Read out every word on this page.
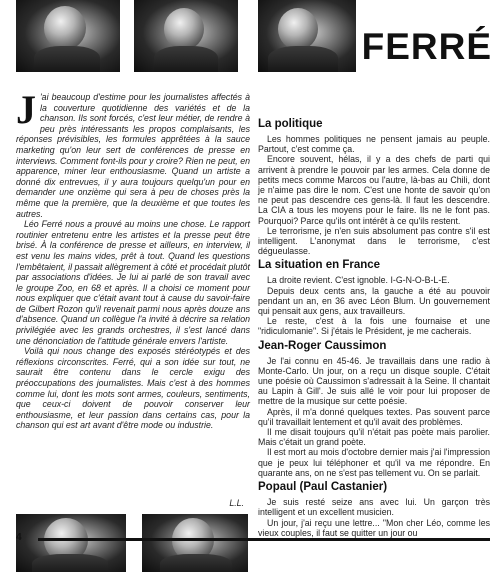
FERRÉ

J 'ai beaucoup d'estime pour les journalistes affectés à la couverture quotidienne des variétés et de la chanson. Ils sont forcés, c'est leur métier, de rendre à peu près intéressants les propos complaisants, les réponses prévisibles, les formules apprêtées à la sauce marketing qu'on leur sert de conférences de presse en interviews. Comment font-ils pour y croire? Rien ne peut, en apparence, miner leur enthousiasme. Quand un artiste a donné dix entrevues, il y aura toujours quelqu'un pour en demander une onzième qui sera à peu de choses près la même que la première, que la deuxième et que toutes les autres.

Léo Ferré nous a prouvé au moins une chose. Le rapport routinier entretenu entre les artistes et la presse peut être brisé. À la conférence de presse et ailleurs, en interview, il est venu les mains vides, prêt à tout. Quand les questions l'embêtaient, il passait allègrement à côté et procédait plutôt par associations d'idées. Je lui ai parlé de son travail avec le groupe Zoo, en 68 et après. Il a choisi ce moment pour nous expliquer que c'était avant tout à cause du savoir-faire de Gilbert Rozon qu'il revenait parmi nous après douze ans d'absence. Quand un collègue l'a invité à décrire sa relation privilégiée avec les grands orchestres, il s'est lancé dans une dénonciation de l'attitude générale envers l'artiste.

Voilà qui nous change des exposés stéréotypés et des réflexions circonscrites. Ferré, qui a son idée sur tout, ne saurait être contenu dans le cercle exigu des préoccupations des journalistes. Mais c'est à des hommes comme lui, dont les mots sont armes, couleurs, sentiments, que ceux-ci doivent de pouvoir conserver leur enthousiasme, et leur passion dans certains cas, pour la chanson qui est art avant d'être mode ou industrie.

L.L.
La politique

Les hommes politiques ne pensent jamais au peuple. Partout, c'est comme ça.

Encore souvent, hélas, il y a des chefs de parti qui arrivent à prendre le pouvoir par les armes. Cela donne de petits mecs comme Marcos ou l'autre, là-bas au Chili, dont je n'aime pas dire le nom. C'est une honte de savoir qu'on ne peut pas descendre ces gens-là. Il faut les descendre. La CIA a tous les moyens pour le faire. Ils ne le font pas. Pourquoi? Parce qu'ils ont intérêt à ce qu'ils restent.

Le terrorisme, je n'en suis absolument pas contre s'il est intelligent. L'anonymat dans le terrorisme, c'est dégueulasse.

La situation en France

La droite revient. C'est ignoble. I-G-N-O-B-L-E.

Depuis deux cents ans, la gauche a été au pouvoir pendant un an, en 36 avec Léon Blum. Un gouvernement qui pensait aux gens, aux travailleurs.

Le reste, c'est à la fois une fournaise et une "ridiculomanie". Si j'étais le Président, je me cacherais.

Jean-Roger Caussimon

Je l'ai connu en 45-46. Je travaillais dans une radio à Monte-Carlo. Un jour, on a reçu un disque souple. C'était une poésie où Caussimon s'adressait à la Seine. Il chantait au Lapin à Gill'. Je suis allé le voir pour lui proposer de mettre de la musique sur cette poésie.

Après, il m'a donné quelques textes. Pas souvent parce qu'il travaillait lentement et qu'il avait des problèmes.

Il me disait toujours qu'il n'était pas poète mais parolier. Mais c'était un grand poète.

Il est mort au mois d'octobre dernier mais j'ai l'impression que je peux lui téléphoner et qu'il va me répondre. En quarante ans, on ne s'est pas tellement vu. On se parlait.

Popaul (Paul Castanier)

Je suis resté seize ans avec lui. Un garçon très intelligent et un excellent musicien.

Un jour, j'ai reçu une lettre... "Mon cher Léo, comme les vieux couples, il faut se quitter un jour ou

4
